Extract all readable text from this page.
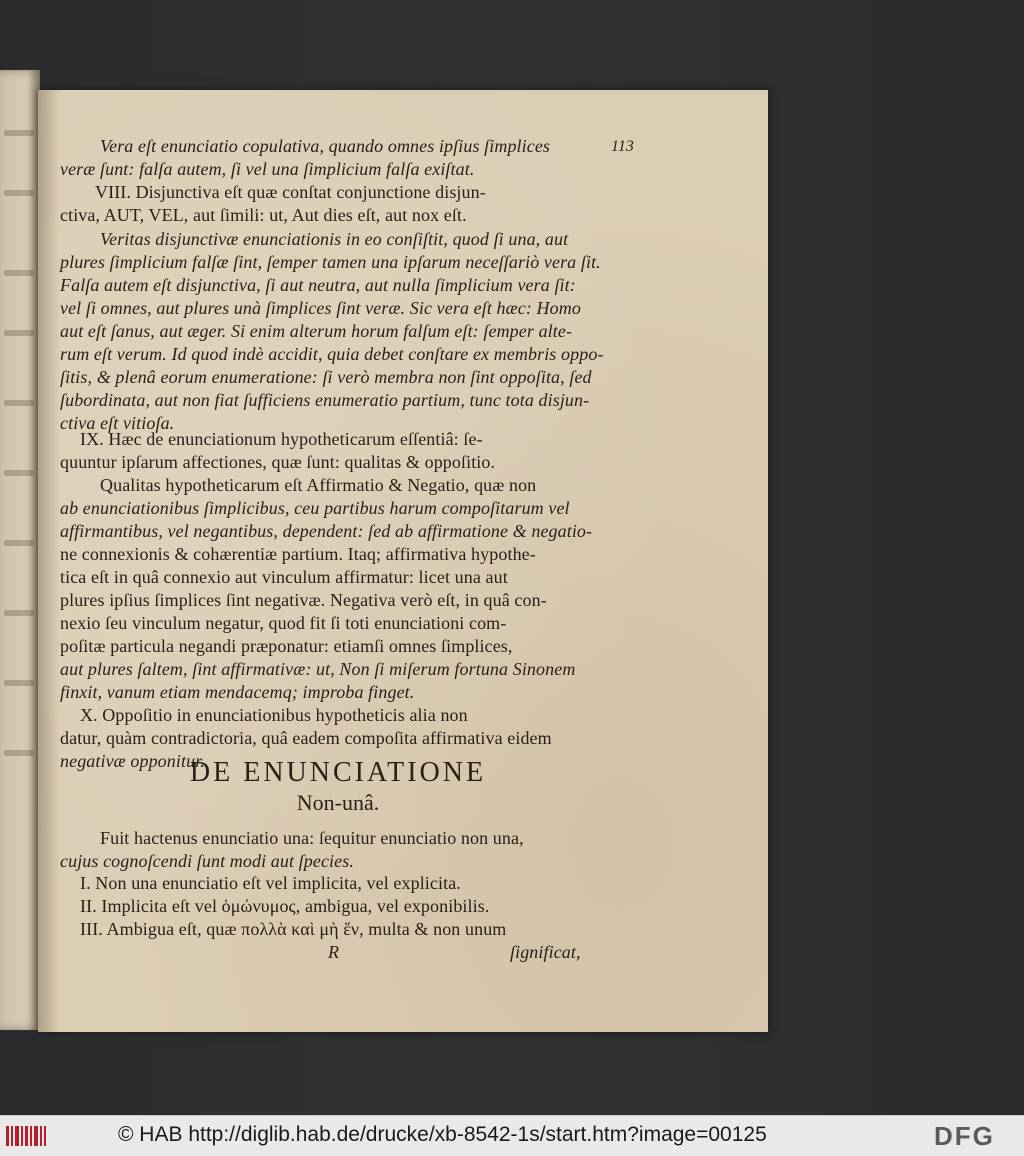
113
Vera eſt enunciatio copulativa, quando omnes ipſius ſimplices
veræ ſunt: falſa autem, ſi vel una ſimplicium falſa exiſtat.
VIII. Disjunctiva eſt quæ conſtat conjunctione disjun-
ctiva, AUT, VEL, aut ſimili: ut, Aut dies eſt, aut nox eſt.
Veritas disjunctivæ enunciationis in eo conſiſtit, quod ſi una, aut
plures ſimplicium falſæ ſint, ſemper tamen una ipſarum neceſſariò vera ſit.
Falſa autem eſt disjunctiva, ſi aut neutra, aut nulla ſimplicium vera ſit:
vel ſi omnes, aut plures unà ſimplices ſint veræ. Sic vera eſt hæc: Homo
aut eſt ſanus, aut æger. Si enim alterum horum falſum eſt: ſemper alte-
rum eſt verum. Id quod indè accidit, quia debet conſtare ex membris oppo-
ſitis, & plenâ eorum enumeratione: ſi verò membra non ſint oppoſita, ſed
ſubordinata, aut non fiat ſufficiens enumeratio partium, tunc tota disjun-
ctiva eſt vitioſa.
IX. Hæc de enunciationum hypotheticarum eſſentiâ: ſe-
quuntur ipſarum affectiones, quæ ſunt: qualitas & oppoſitio.
Qualitas hypotheticarum eſt Affirmatio & Negatio, quæ non
ab enunciationibus ſimplicibus, ceu partibus harum compoſitarum vel
affirmantibus, vel negantibus, dependent: ſed ab affirmatione & negatio-
ne connexionis & cohærentiæ partium. Itaq; affirmativa hypothe-
tica eſt in quâ connexio aut vinculum affirmatur: licet una aut
plures ipſius ſimplices ſint negativæ. Negativa verò eſt, in quâ con-
nexio ſeu vinculum negatur, quod fit ſi toti enunciationi com-
poſitæ particula negandi præponatur: etiamſi omnes ſimplices,
aut plures ſaltem, ſint affirmativæ: ut, Non ſi miſerum fortuna Sinonem
finxit, vanum etiam mendacemq; improba finget.
X. Oppoſitio in enunciationibus hypotheticis alia non
datur, quàm contradictoria, quâ eadem compoſita affirmativa eidem
negativæ opponitur.
DE ENUNCIATIONE
Non-unâ.
Fuit hactenus enunciatio una: ſequitur enunciatio non una,
cujus cognoſcendi ſunt modi aut ſpecies.
I. Non una enunciatio eſt vel implicita, vel explicita.
II. Implicita eſt vel ὁμώνυμος, ambigua, vel exponibilis.
III. Ambigua eſt, quæ πολλὰ καὶ μὴ ἕν, multa & non unum
R	ſignificat,
© HAB http://diglib.hab.de/drucke/xb-8542-1s/start.htm?image=00125	DFG
